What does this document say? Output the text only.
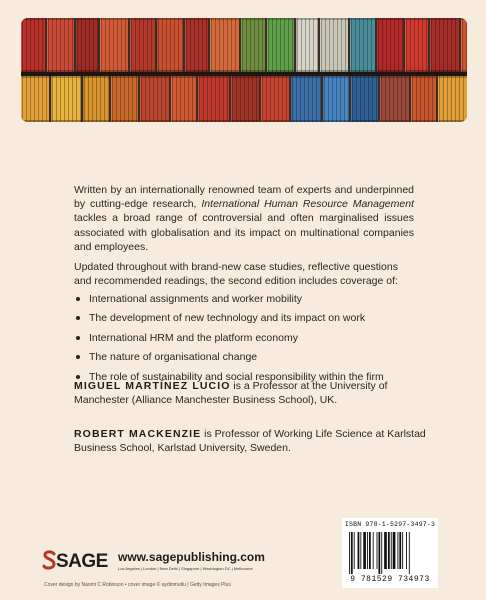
Written by an internationally renowned team of experts and underpinned by cutting-edge research, International Human Resource Management tackles a broad range of controversial and often marginalised issues associated with globalisation and its impact on multinational companies and employees.

Updated throughout with brand-new case studies, reflective questions and recommended readings, the second edition includes coverage of:

International assignments and worker mobility
The development of new technology and its impact on work
International HRM and the platform economy
The nature of organisational change
The role of sustainability and social responsibility within the firm

MIGUEL MARTÍNEZ LUCIO is a Professor at the University of Manchester (Alliance Manchester Business School), UK.

ROBERT MACKENZIE is Professor of Working Life Science at Karlstad Business School, Karlstad University, Sweden.

SAGE www.sagepublishing.com
Los Angeles | London | New Delhi | Singapore | Washington DC | Melbourne
Cover design by Naomi C Robinson • cover image © aydinmutlu | Getty Images Plus
ISBN 978-1-5297-3497-3
9 781529 734973
